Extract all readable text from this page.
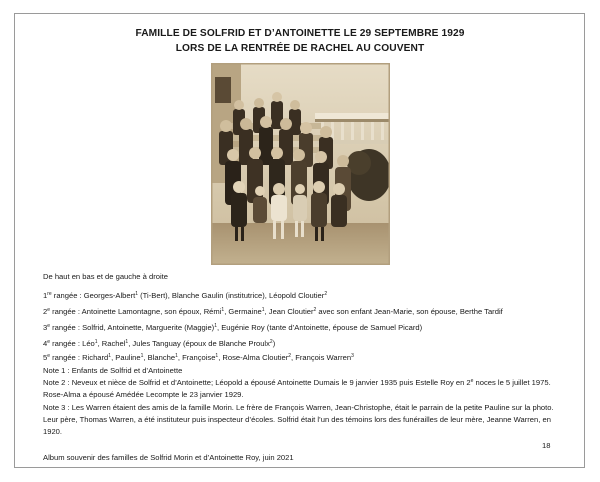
FAMILLE DE SOLFRID ET D’ANTOINETTE LE 29 SEPTEMBRE 1929
LORS DE LA RENTRÉE DE RACHEL AU COUVENT
De haut en bas et de gauche à droite
1re rangée : Georges-Albert$^1$ (Ti-Bert), Blanche Gaulin (institutrice), Léopold Cloutier$^2$
2e rangée : Antoinette Lamontagne, son époux, Rémi$^1$, Germaine$^1$, Jean Cloutier$^2$ avec son enfant Jean-Marie, son épouse, Berthe Tardif
3e rangée : Solfrid, Antoinette, Marguerite (Maggie)$^1$, Eugénie Roy (tante d’Antoinette, épouse de Samuel Picard)
4e rangée : Léo$^1$, Rachel$^1$, Jules Tanguay (époux de Blanche Proulx$^2$)
5e rangée : Richard$^1$, Pauline$^1$, Blanche$^1$, Françoise$^1$, Rose-Alma Cloutier$^2$, François Warren$^3$

Note 1 : Enfants de Solfrid et d’Antoinette

Note 2 : Neveux et nièce de Solfrid et d’Antoinette; Léopold a épousé Antoinette Dumais le 9 janvier 1935 puis Estelle Roy en 2e noces le 5 juillet 1975. Rose-Alma a épousé Amédée Lecompte le 23 janvier 1929.

Note 3 : Les Warren étaient des amis de la famille Morin. Le frère de François Warren, Jean-Christophe, était le parrain de la petite Pauline sur la photo. Leur père, Thomas Warren, a été instituteur puis inspecteur d’écoles. Solfrid était l’un des témoins lors des funérailles de leur mère, Jeanne Warren, en 1920.

18
Album souvenir des familles de Solfrid Morin et d’Antoinette Roy, juin 2021
